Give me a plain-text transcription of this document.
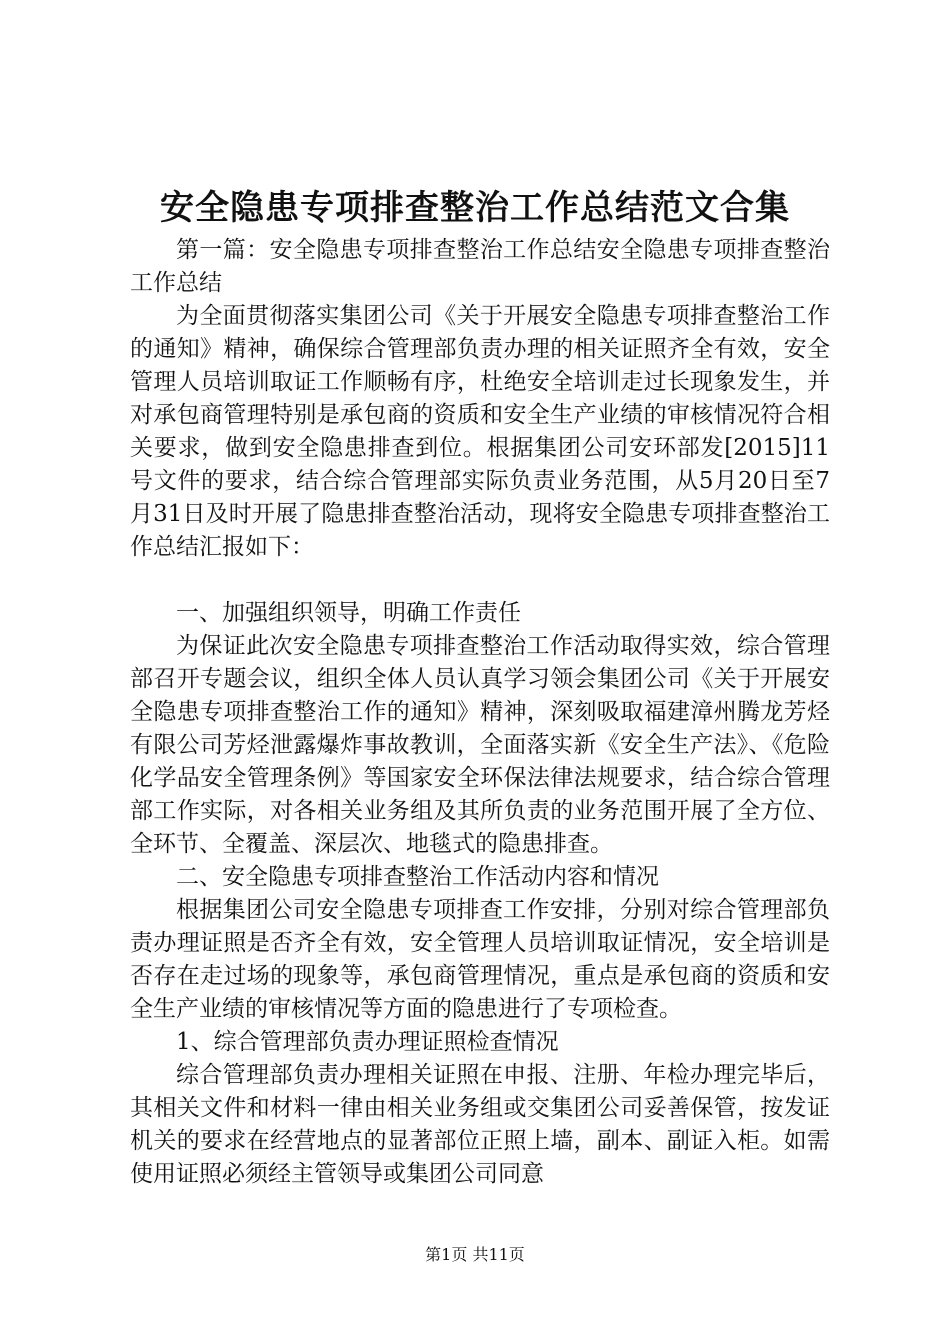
安全隐患专项排查整治工作总结范文合集

第一篇：安全隐患专项排查整治工作总结安全隐患专项排查整治工作总结

为全面贯彻落实集团公司《关于开展安全隐患专项排查整治工作的通知》精神，确保综合管理部负责办理的相关证照齐全有效，安全管理人员培训取证工作顺畅有序，杜绝安全培训走过长现象发生，并对承包商管理特别是承包商的资质和安全生产业绩的审核情况符合相关要求，做到安全隐患排查到位。根据集团公司安环部发[2015]11号文件的要求，结合综合管理部实际负责业务范围，从5月20日至7月31日及时开展了隐患排查整治活动，现将安全隐患专项排查整治工作总结汇报如下：

一、加强组织领导，明确工作责任

为保证此次安全隐患专项排查整治工作活动取得实效，综合管理部召开专题会议，组织全体人员认真学习领会集团公司《关于开展安全隐患专项排查整治工作的通知》精神，深刻吸取福建漳州腾龙芳烃有限公司芳烃泄露爆炸事故教训，全面落实新《安全生产法》、《危险化学品安全管理条例》等国家安全环保法律法规要求，结合综合管理部工作实际，对各相关业务组及其所负责的业务范围开展了全方位、全环节、全覆盖、深层次、地毯式的隐患排查。

二、安全隐患专项排查整治工作活动内容和情况

根据集团公司安全隐患专项排查工作安排，分别对综合管理部负责办理证照是否齐全有效，安全管理人员培训取证情况，安全培训是否存在走过场的现象等，承包商管理情况，重点是承包商的资质和安全生产业绩的审核情况等方面的隐患进行了专项检查。

1、综合管理部负责办理证照检查情况

综合管理部负责办理相关证照在申报、注册、年检办理完毕后，其相关文件和材料一律由相关业务组或交集团公司妥善保管，按发证机关的要求在经营地点的显著部位正照上墙，副本、副证入柜。如需使用证照必须经主管领导或集团公司同意

第1页 共11页
